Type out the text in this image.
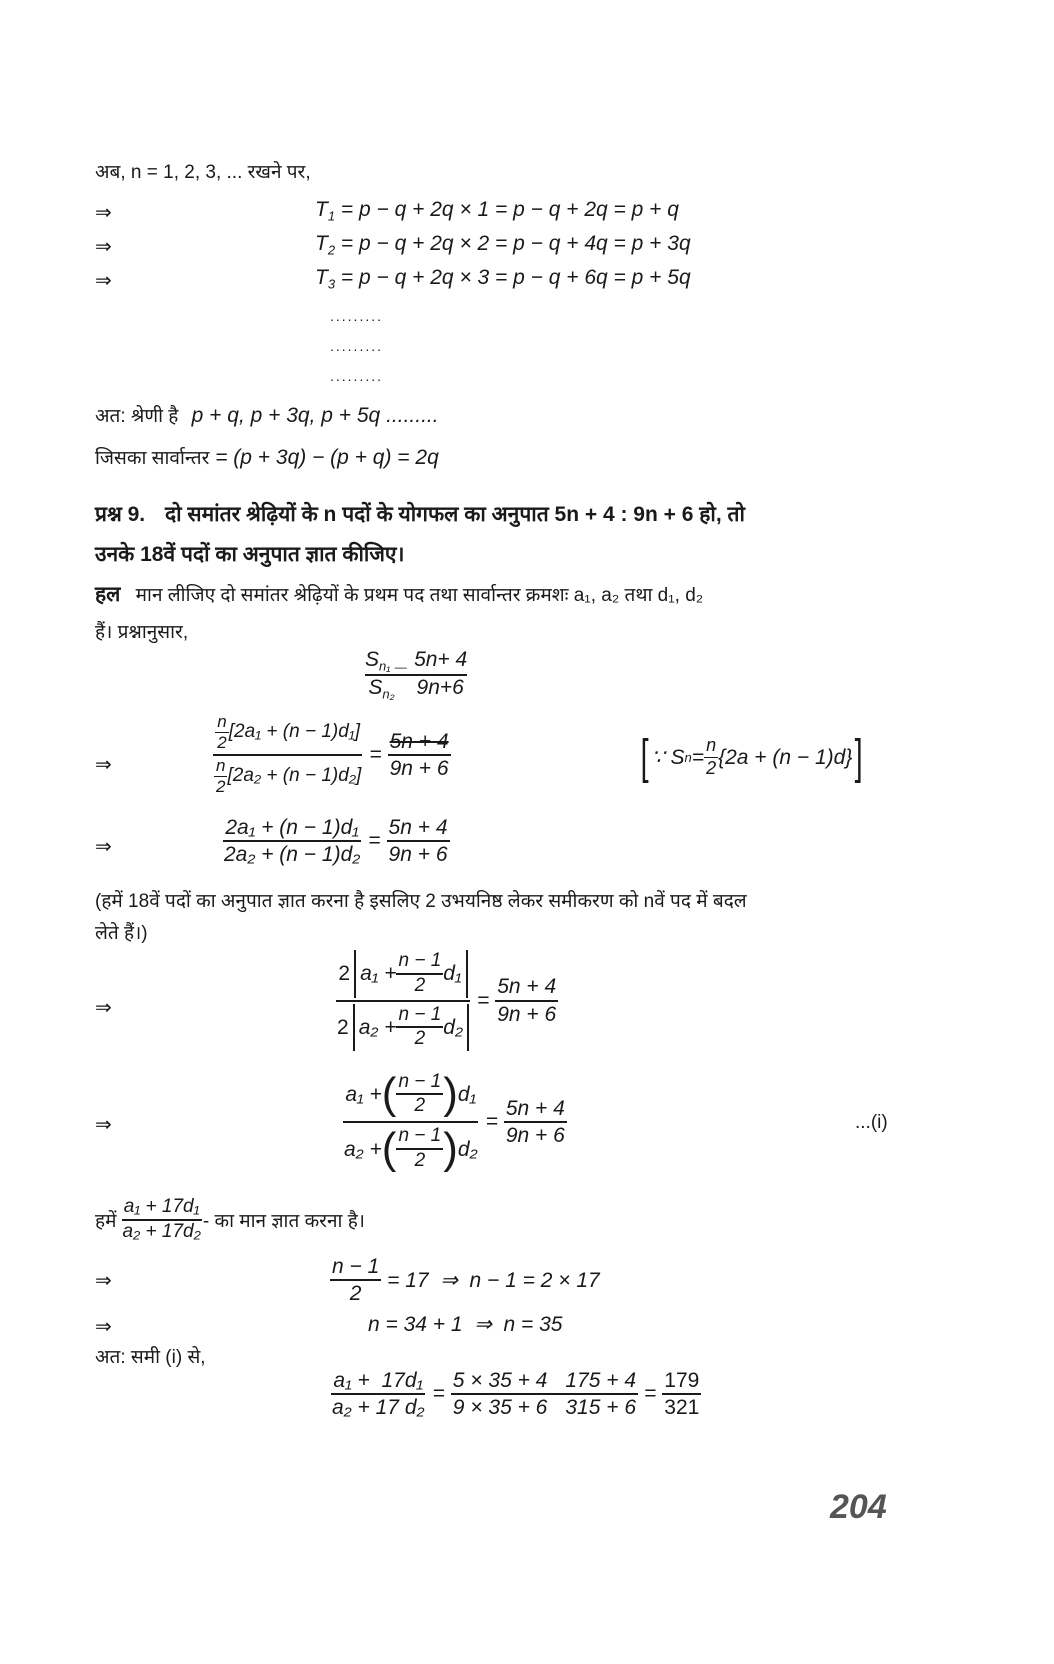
अब, n = 1, 2, 3, ... रखने पर,
⇒	$T_1 = p - q + 2q \times 1 = p - q + 2q = p + q$
⇒	$T_2 = p - q + 2q \times 2 = p - q + 4q = p + 3q$
⇒	$T_3 = p - q + 2q \times 3 = p - q + 6q = p + 5q$
.........
.........
.........
अत: श्रेणी है p + q, p + 3q, p + 5q .........
जिसका सार्वान्तर = (p + 3q) − (p + q) = 2q
प्रश्न 9. दो समांतर श्रेढ़ियों के n पदों के योगफल का अनुपात 5n + 4 : 9n + 6 हो, तो
उनके 18वें पदों का अनुपात ज्ञात कीजिए।
हल मान लीजिए दो समांतर श्रेढ़ियों के प्रथम पद तथा सार्वान्तर क्रमशः a₁, a₂ तथा d₁, d₂
हैं। प्रश्नानुसार,
$\frac{S_{n_1} \_ 5n+ 4}{S_{n_2} 9n+6}$
⇒	$\frac{\frac{n}{2} [2a_1 + (n - 1)d_1]}{\frac{n}{2} [2a_2 + (n - 1)d_2]} = \frac{5n + 4}{9n + 6}$	[ ∵ S $n = \frac{n}{2} \{2a + (n - 1)d\}$ ]
⇒	$\frac{\text{2a₁ + (n − 1)d₁}}{\text{2a₂ + (n − 1)d₂}} = \frac{5n + 4}{9n + 6}$
(हमें 18वें पदों का अनुपात ज्ञात करना है इसलिए 2 उभयनिष्ठ लेकर समीकरण को nवें पद में बदल
लेते हैं।)
⇒	$\frac{2 a_1 + \frac{n - 1}{2} d_1}{2 a_2 + \frac{n - 1}{2} d_2} = \frac{5n + 4}{9n + 6}$
⇒	$\frac{a_1 + ( \frac{n - 1}{2} ) d_1}{a_2 + ( \frac{n - 1}{2} ) d_2} = \frac{5n + 4}{9n + 6}$	...(i)
हमें $\frac{\text{a₁ + 17d₁}}{\text{a₂ + 17d₂}}$ - का मान ज्ञात करना है।
⇒	$\frac{n - 1}{2} = 17$  ⇒  n − 1 = 2 × 17
⇒	n = 34 + 1  ⇒  n = 35
अत: समी (i) से,
$\frac{\text{a₁ +  17d₁}}{\text{a₂ + 17 d₂}} = \frac{5 \times 35 + 4 175 + 4}{9 \times 35 + 6 315 + 6} = \frac{179}{321}$
204
